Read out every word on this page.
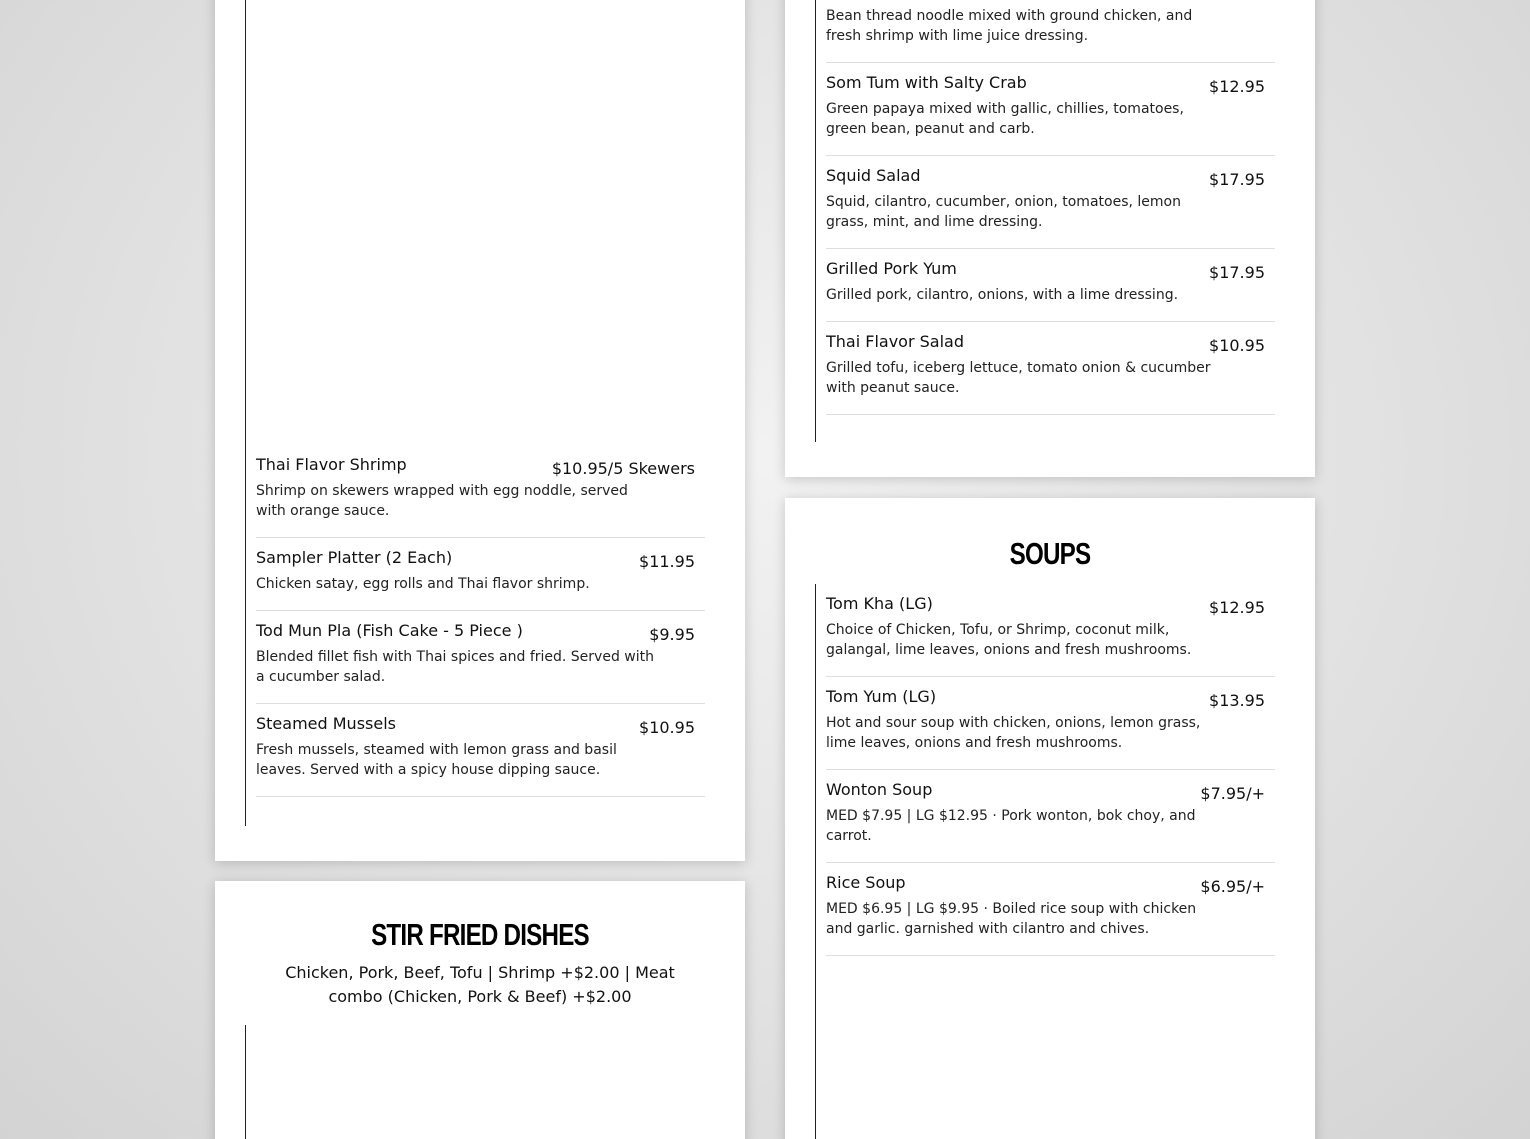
Thai Flavor Shrimp	$10.95/5 Skewers
Shrimp on skewers wrapped with egg noddle, served with orange sauce.
Sampler Platter (2 Each)	$11.95
Chicken satay, egg rolls and Thai flavor shrimp.
Tod Mun Pla (Fish Cake - 5 Piece )	$9.95
Blended fillet fish with Thai spices and fried. Served with a cucumber salad.
Steamed Mussels	$10.95
Fresh mussels, steamed with lemon grass and basil leaves. Served with a spicy house dipping sauce.
STIR FRIED DISHES
Chicken, Pork, Beef, Tofu | Shrimp +$2.00 | Meat combo (Chicken, Pork & Beef) +$2.00
Bean thread noodle mixed with ground chicken, and fresh shrimp with lime juice dressing.
Som Tum with Salty Crab	$12.95
Green papaya mixed with gallic, chillies, tomatoes, green bean, peanut and carb.
Squid Salad	$17.95
Squid, cilantro, cucumber, onion, tomatoes, lemon grass, mint, and lime dressing.
Grilled Pork Yum	$17.95
Grilled pork, cilantro, onions, with a lime dressing.
Thai Flavor Salad	$10.95
Grilled tofu, iceberg lettuce, tomato onion & cucumber with peanut sauce.
SOUPS
Tom Kha (LG)	$12.95
Choice of Chicken, Tofu, or Shrimp, coconut milk, galangal, lime leaves, onions and fresh mushrooms.
Tom Yum (LG)	$13.95
Hot and sour soup with chicken, onions, lemon grass, lime leaves, onions and fresh mushrooms.
Wonton Soup	$7.95/+
MED $7.95 | LG $12.95 · Pork wonton, bok choy, and carrot.
Rice Soup	$6.95/+
MED $6.95 | LG $9.95 · Boiled rice soup with chicken and garlic. garnished with cilantro and chives.
